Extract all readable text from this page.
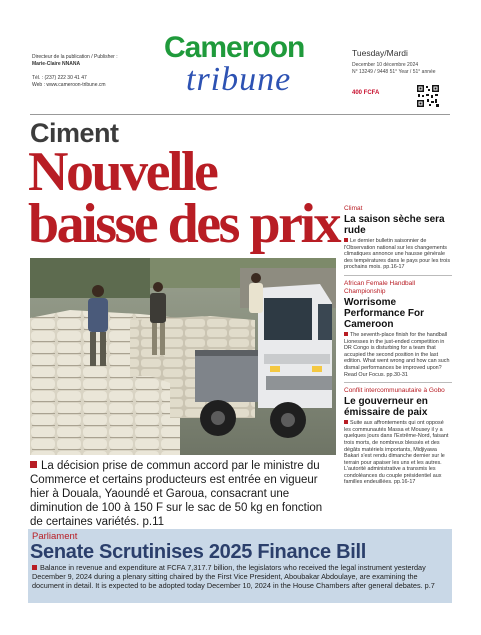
Directeur de la publication / Publisher :
Marie-Claire NNANA
Tél. : (237) 222 30 41 47
Web : www.cameroon-tribune.cm
Cameroon
tribune
Tuesday/Mardi
December 10 décembre 2024
N° 13249 / 9448 51° Year / 51° année
400 FCFA
Ciment
Nouvelle baisse des prix
La décision prise de commun accord par le ministre du Commerce et certains producteurs est entrée en vigueur hier à Douala, Yaoundé et Garoua, consacrant une diminution de 100 à 150 F sur le sac de 50 kg en fonction de certaines variétés. p.11
Climat
La saison sèche sera rude
Le dernier bulletin saisonnier de l'Observation national sur les changements climatiques annonce une hausse générale des températures dans le pays pour les trois prochains mois. pp.16-17
African Female Handball Championship
Worrisome Performance For Cameroon
The seventh-place finish for the handball Lionesses in the just-ended competition in DR Congo is disturbing for a team that accupied the second position in the last edition. What went wrong and how can such dismal performances be improved upon? Read Our Focus. pp.30-31
Conflit intercommunautaire à Gobo
Le gouverneur en émissaire de paix
Suite aux affrontements qui ont opposé les communautés Massa et Mousey il y a quelques jours dans l'Extrême-Nord, faisant trois morts, de nombreux blessés et des dégâts matériels importants, Midjiyawa Bakari s'est rendu dimanche dernier sur le terrain pour apaiser les uns et les autres. L'autorité administrative a transmis les condoléances du couple présidentiel aux familles endeuillées. pp.16-17
Parliament
Senate Scrutinises 2025 Finance Bill
Balance in revenue and expenditure at FCFA 7,317.7 billion, the legislators who received the legal instrument yesterday December 9, 2024 during a plenary sitting chaired by the First Vice President, Aboubakar Abdoulaye, are examining the document in detail. It is expected to be adopted today December 10, 2024 in the House Chambers after general debates. p.7
